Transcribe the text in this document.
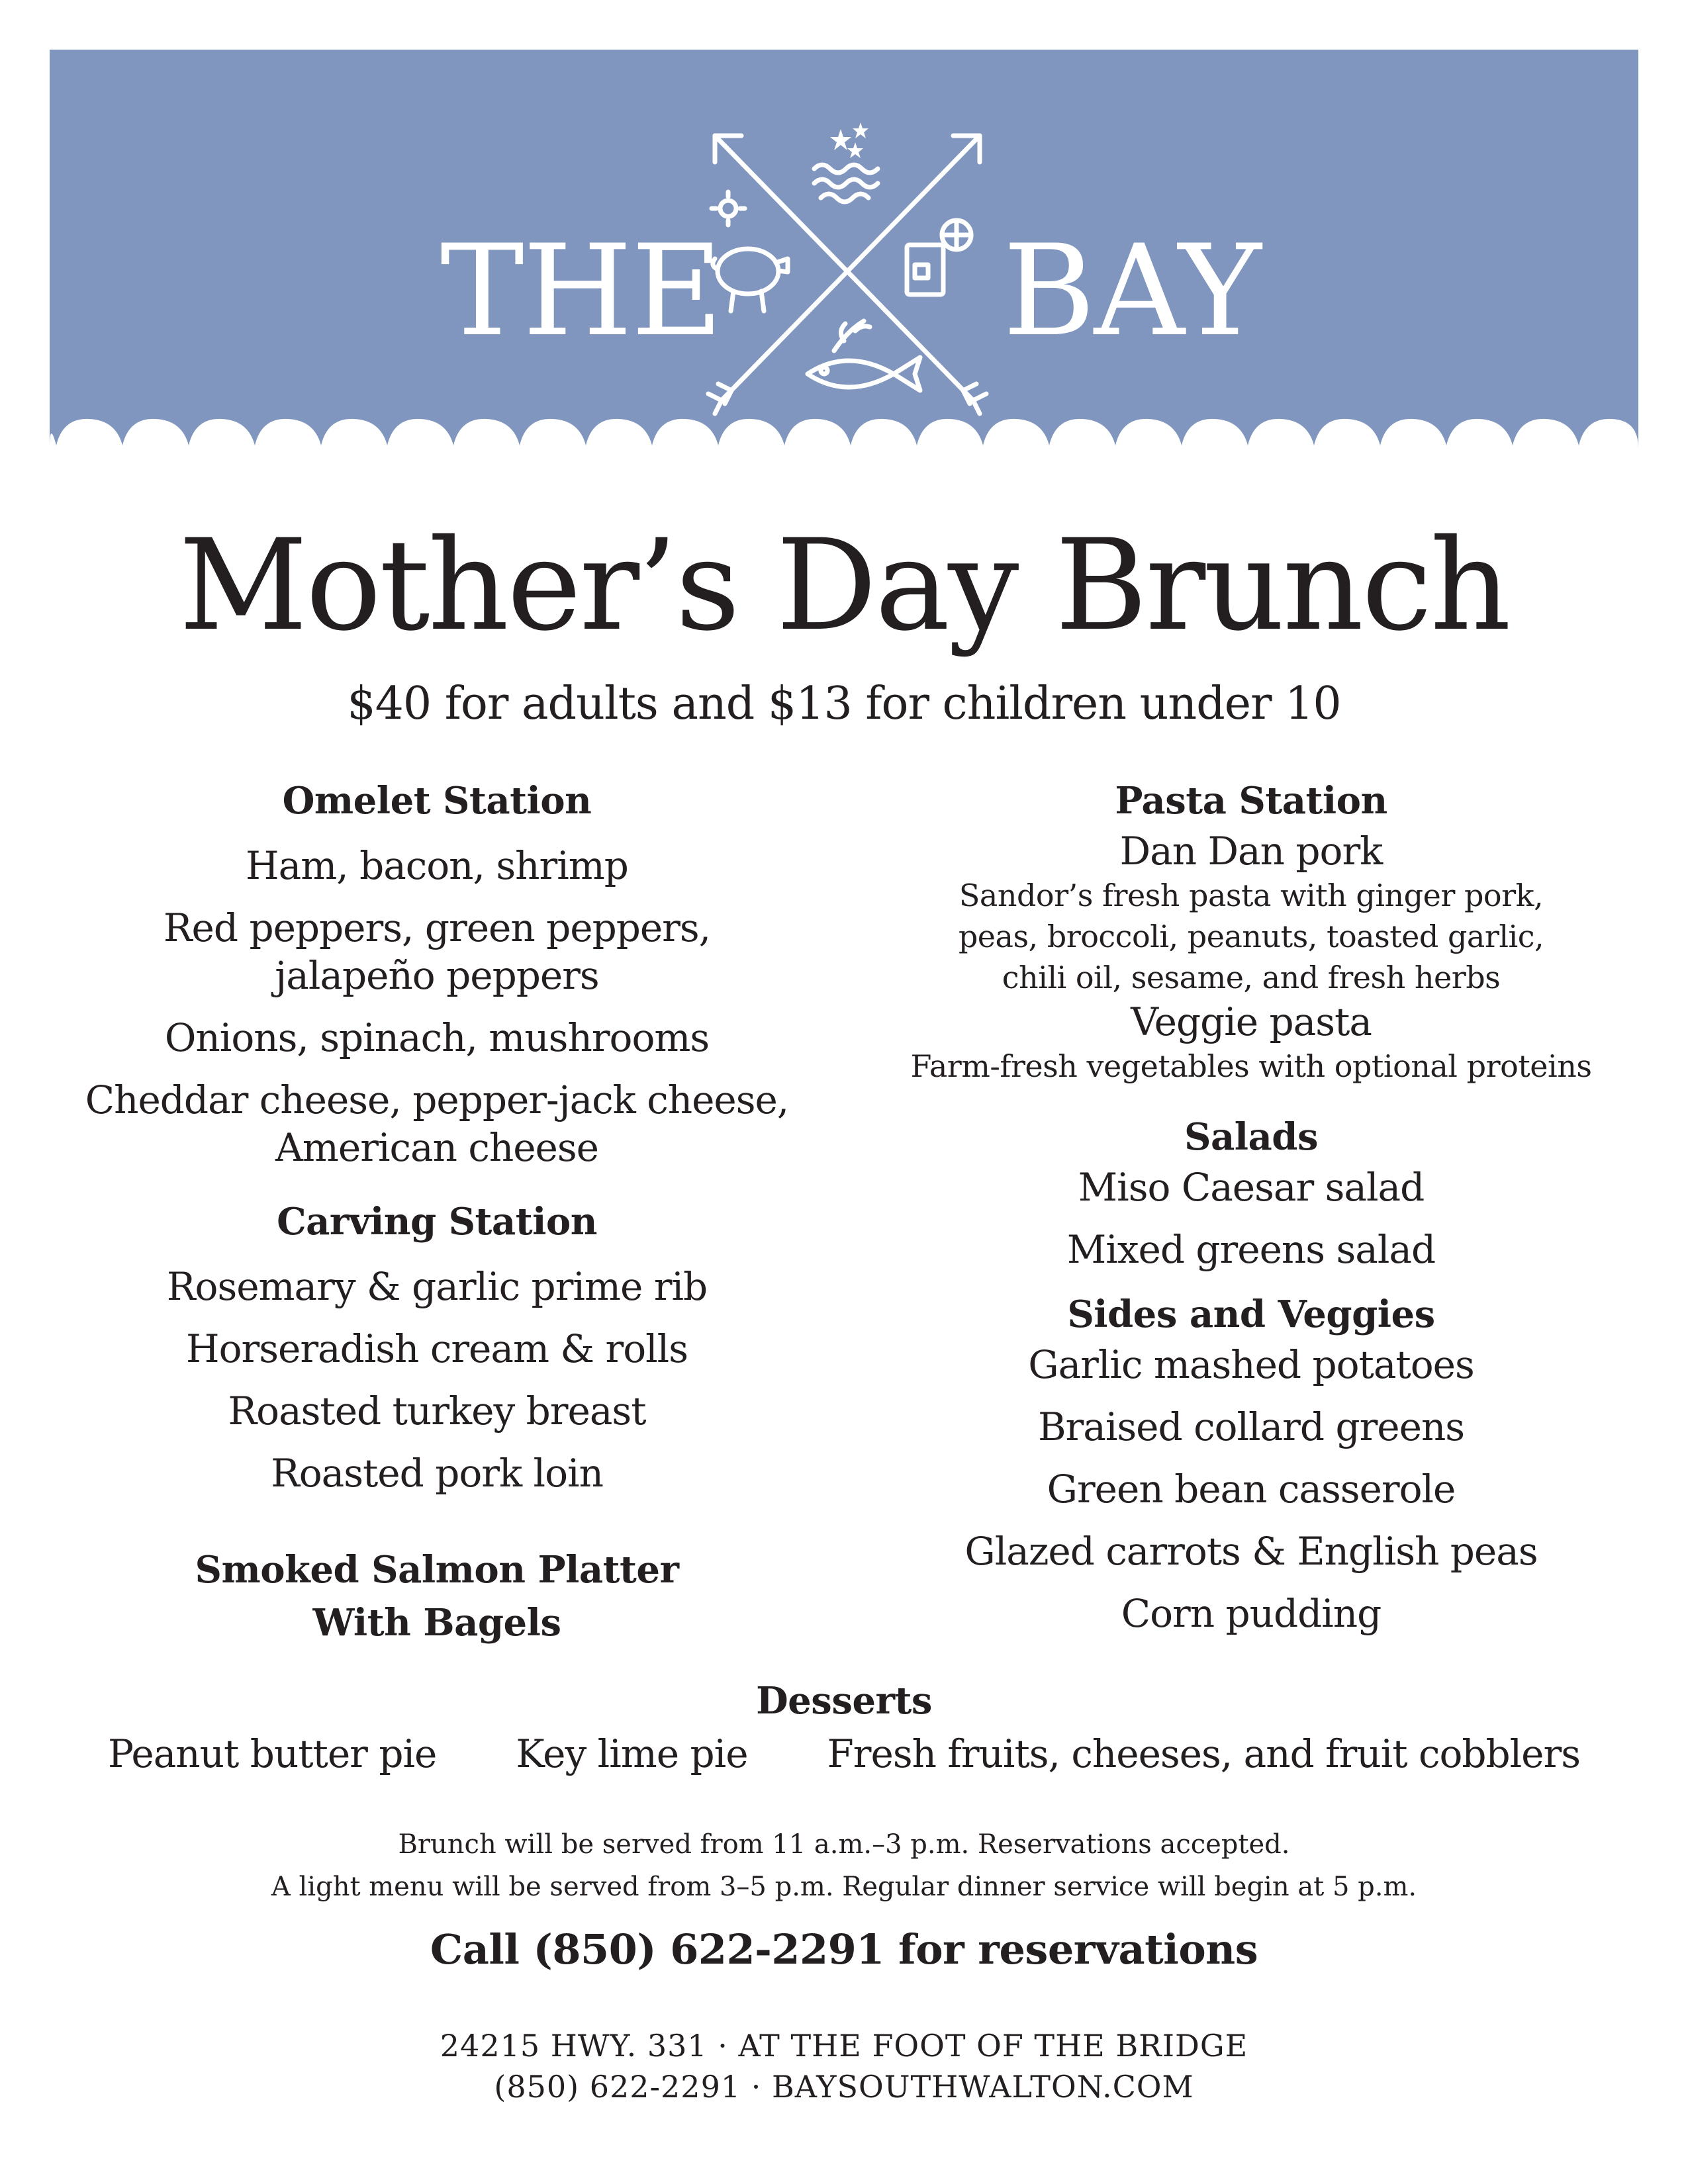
THE BAY
Mother’s Day Brunch
$40 for adults and $13 for children under 10
Omelet Station
Ham, bacon, shrimp
Red peppers, green peppers,
jalapeño peppers
Onions, spinach, mushrooms
Cheddar cheese, pepper-jack cheese,
American cheese
Carving Station
Rosemary & garlic prime rib
Horseradish cream & rolls
Roasted turkey breast
Roasted pork loin
Smoked Salmon Platter
With Bagels
Pasta Station
Dan Dan pork
Sandor’s fresh pasta with ginger pork,
peas, broccoli, peanuts, toasted garlic,
chili oil, sesame, and fresh herbs
Veggie pasta
Farm-fresh vegetables with optional proteins
Salads
Miso Caesar salad
Mixed greens salad
Sides and Veggies
Garlic mashed potatoes
Braised collard greens
Green bean casserole
Glazed carrots & English peas
Corn pudding
Desserts
Peanut butter pie Key lime pie Fresh fruits, cheeses, and fruit cobblers
Brunch will be served from 11 a.m.–3 p.m. Reservations accepted.
A light menu will be served from 3–5 p.m. Regular dinner service will begin at 5 p.m.
Call (850) 622-2291 for reservations
24215 HWY. 331 · AT THE FOOT OF THE BRIDGE
(850) 622-2291 · BAYSOUTHWALTON.COM
